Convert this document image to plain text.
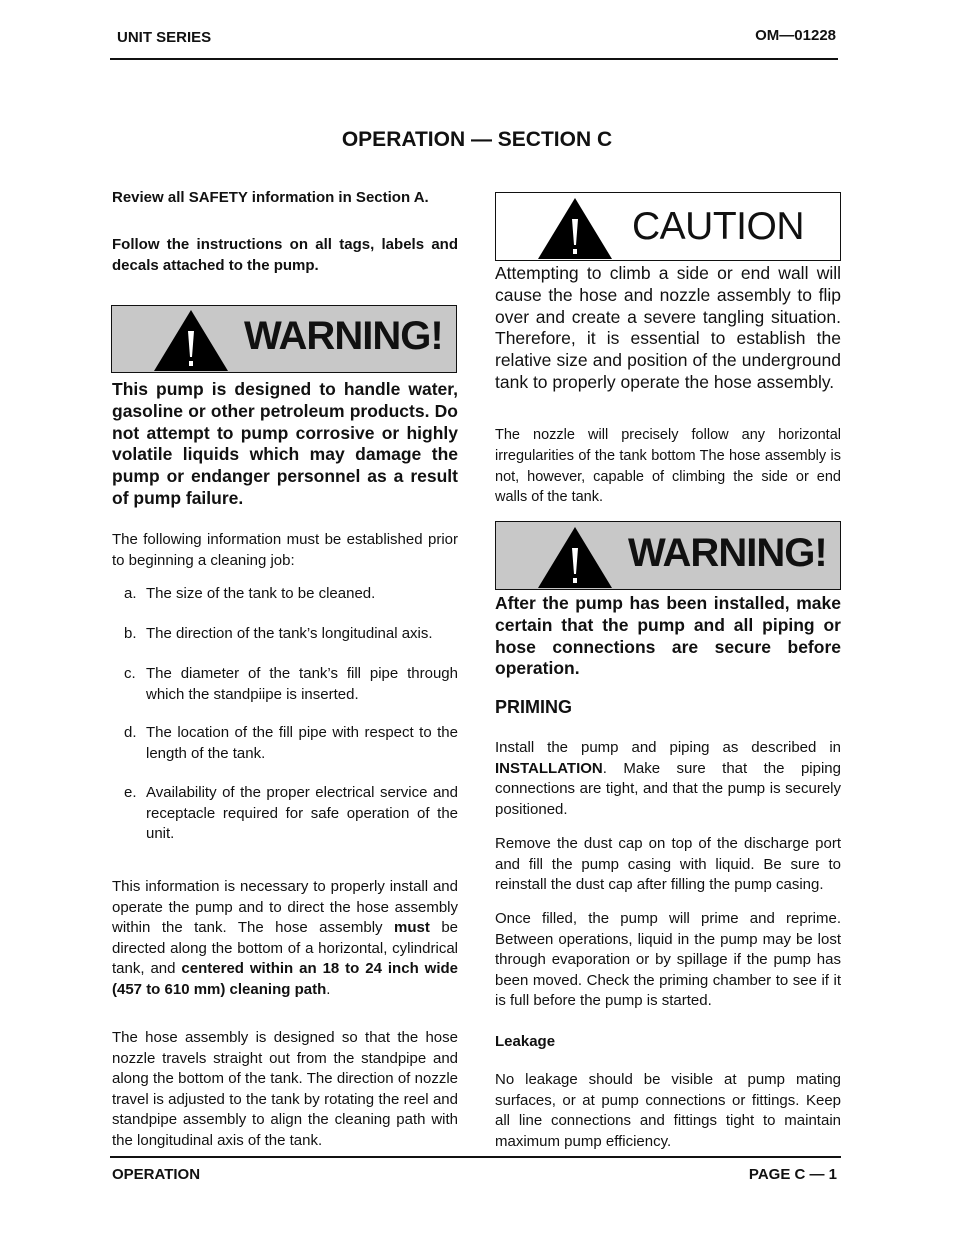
UNIT SERIES	OM—01228
OPERATION — SECTION C

Review all SAFETY information in Section A.

Follow the instructions on all tags, labels and decals attached to the pump.

WARNING!

This pump is designed to handle water, gasoline or other petroleum products. Do not attempt to pump corrosive or highly volatile liquids which may damage the pump or endanger personnel as a result of pump failure.

The following information must be established prior to beginning a cleaning job:

a. The size of the tank to be cleaned.
b. The direction of the tank’s longitudinal axis.
c. The diameter of the tank’s fill pipe through which the standpiipe is inserted.
d. The location of the fill pipe with respect to the length of the tank.
e. Availability of the proper electrical service and receptacle required for safe operation of the unit.

This information is necessary to properly install and operate the pump and to direct the hose assembly within the tank. The hose assembly must be directed along the bottom of a horizontal, cylindrical tank, and centered within an 18 to 24 inch wide (457 to 610 mm) cleaning path.

The hose assembly is designed so that the hose nozzle travels straight out from the standpipe and along the bottom of the tank. The direction of nozzle travel is adjusted to the tank by rotating the reel and standpipe assembly to align the cleaning path with the longitudinal axis of the tank.

CAUTION

Attempting to climb a side or end wall will cause the hose and nozzle assembly to flip over and create a severe tangling situation. Therefore, it is essential to establish the relative size and position of the underground tank to properly operate the hose assembly.

The nozzle will precisely follow any horizontal irregularities of the tank bottom The hose assembly is not, however, capable of climbing the side or end walls of the tank.

WARNING!

After the pump has been installed, make certain that the pump and all piping or hose connections are secure before operation.

PRIMING

Install the pump and piping as described in INSTALLATION. Make sure that the piping connections are tight, and that the pump is securely positioned.

Remove the dust cap on top of the discharge port and fill the pump casing with liquid. Be sure to reinstall the dust cap after filling the pump casing.

Once filled, the pump will prime and reprime. Between operations, liquid in the pump may be lost through evaporation or by spillage if the pump has been moved. Check the priming chamber to see if it is full before the pump is started.

Leakage

No leakage should be visible at pump mating surfaces, or at pump connections or fittings. Keep all line connections and fittings tight to maintain maximum pump efficiency.

OPERATION	PAGE C — 1
